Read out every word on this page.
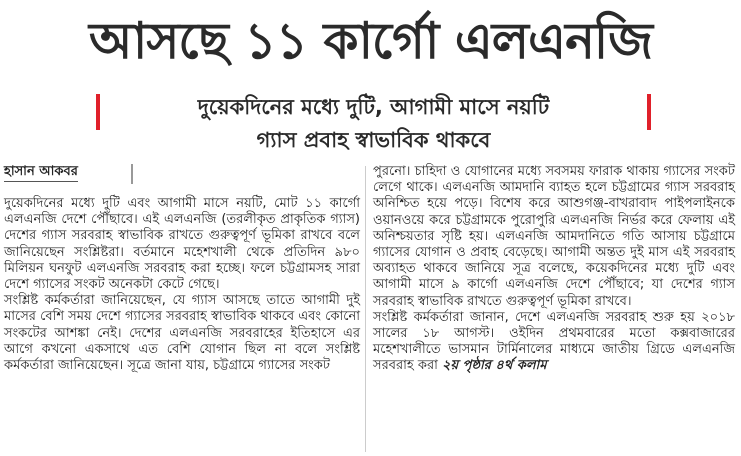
আসছে ১১ কার্গো এলএনজি
দুয়েকদিনের মধ্যে দুটি, আগামী মাসে নয়টি
গ্যাস প্রবাহ স্বাভাবিক থাকবে
হাসান আকবর

দুয়েকদিনের মধ্যে দুটি এবং আগামী মাসে নয়টি, মোট ১১ কার্গো এলএনজি দেশে পৌঁছাবে। এই এলএনজি (তরলীকৃত প্রাকৃতিক গ্যাস) দেশের গ্যাস সরবরাহ স্বাভাবিক রাখতে গুরুত্বপূর্ণ ভূমিকা রাখবে বলে জানিয়েছেন সংশ্লিষ্টরা। বর্তমানে মহেশখালী থেকে প্রতিদিন ৯৮০ মিলিয়ন ঘনফুট এলএনজি সরবরাহ করা হচ্ছে। ফলে চট্টগ্রামসহ সারা দেশে গ্যাসের সংকট অনেকটা কেটে গেছে।

সংশ্লিষ্ট কর্মকর্তারা জানিয়েছেন, যে গ্যাস আসছে তাতে আগামী দুই মাসের বেশি সময় দেশে গ্যাসের সরবরাহ স্বাভাবিক থাকবে এবং কোনো সংকটের আশঙ্কা নেই। দেশের এলএনজি সরবরাহের ইতিহাসে এর আগে কখনো একসাথে এত বেশি যোগান ছিল না বলে সংশ্লিষ্ট কর্মকর্তারা জানিয়েছেন। সূত্রে জানা যায়, চট্টগ্রামে গ্যাসের সংকট

পুরনো। চাহিদা ও যোগানের মধ্যে সবসময় ফারাক থাকায় গ্যাসের সংকট লেগে থাকে। এলএনজি আমদানি ব্যাহত হলে চট্টগ্রামের গ্যাস সরবরাহ অনিশ্চিত হয়ে পড়ে। বিশেষ করে আশুগঞ্জ-বাখরাবাদ পাইপলাইনকে ওয়ানওয়ে করে চট্টগ্রামকে পুরোপুরি এলএনজি নির্ভর করে ফেলায় এই অনিশ্চয়তার সৃষ্টি হয়। এলএনজি আমদানিতে গতি আসায় চট্টগ্রামে গ্যাসের যোগান ও প্রবাহ বেড়েছে। আগামী অন্তত দুই মাস এই সরবরাহ অব্যাহত থাকবে জানিয়ে সূত্র বলেছে, কয়েকদিনের মধ্যে দুটি এবং আগামী মাসে ৯ কার্গো এলএনজি দেশে পৌঁছাবে; যা দেশের গ্যাস সরবরাহ স্বাভাবিক রাখতে গুরুত্বপূর্ণ ভূমিকা রাখবে।

সংশ্লিষ্ট কর্মকর্তারা জানান, দেশে এলএনজি সরবরাহ শুরু হয় ২০১৮ সালের ১৮ আগস্ট। ওইদিন প্রথমবারের মতো কক্সবাজারের মহেশখালীতে ভাসমান টার্মিনালের মাধ্যমে জাতীয় গ্রিডে এলএনজি সরবরাহ করা ২য় পৃষ্ঠার ৪র্থ কলাম
